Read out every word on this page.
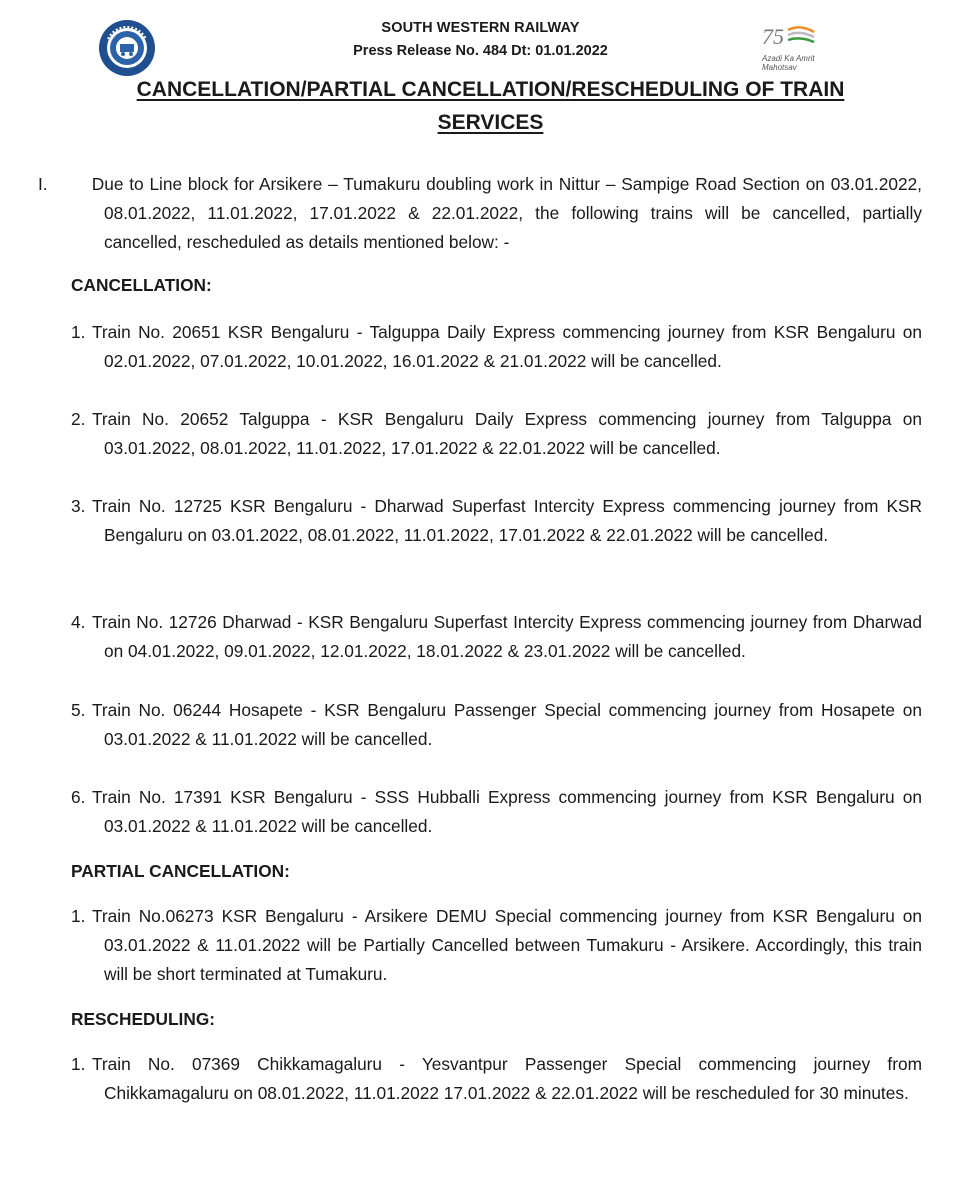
75
Azadi Ka Amrit Mahotsav
SOUTH WESTERN RAILWAY
Press Release No. 484 Dt: 01.01.2022
CANCELLATION/PARTIAL CANCELLATION/RESCHEDULING OF TRAIN SERVICES
I.	Due to Line block for Arsikere – Tumakuru doubling work in Nittur – Sampige Road Section on 03.01.2022, 08.01.2022, 11.01.2022, 17.01.2022 & 22.01.2022, the following trains will be cancelled, partially cancelled, rescheduled as details mentioned below: -
CANCELLATION:
1. Train No. 20651 KSR Bengaluru - Talguppa Daily Express commencing journey from KSR Bengaluru on 02.01.2022, 07.01.2022, 10.01.2022, 16.01.2022 & 21.01.2022 will be cancelled.
2. Train No. 20652 Talguppa - KSR Bengaluru Daily Express commencing journey from Talguppa on 03.01.2022, 08.01.2022, 11.01.2022, 17.01.2022 & 22.01.2022 will be cancelled.
3. Train No. 12725 KSR Bengaluru - Dharwad Superfast Intercity Express commencing journey from KSR Bengaluru on 03.01.2022, 08.01.2022, 11.01.2022, 17.01.2022 & 22.01.2022 will be cancelled.
4. Train No. 12726 Dharwad - KSR Bengaluru Superfast Intercity Express commencing journey from Dharwad on 04.01.2022, 09.01.2022, 12.01.2022, 18.01.2022 & 23.01.2022 will be cancelled.
5. Train No. 06244 Hosapete - KSR Bengaluru Passenger Special commencing journey from Hosapete on 03.01.2022 & 11.01.2022 will be cancelled.
6. Train No. 17391 KSR Bengaluru - SSS Hubballi Express commencing journey from KSR Bengaluru on 03.01.2022 & 11.01.2022 will be cancelled.
PARTIAL CANCELLATION:
1. Train No.06273 KSR Bengaluru - Arsikere DEMU Special commencing journey from KSR Bengaluru on 03.01.2022 & 11.01.2022 will be Partially Cancelled between Tumakuru - Arsikere. Accordingly, this train will be short terminated at Tumakuru.
RESCHEDULING:
1. Train No. 07369 Chikkamagaluru - Yesvantpur Passenger Special commencing journey from Chikkamagaluru on 08.01.2022, 11.01.2022 17.01.2022 & 22.01.2022 will be rescheduled for 30 minutes.
